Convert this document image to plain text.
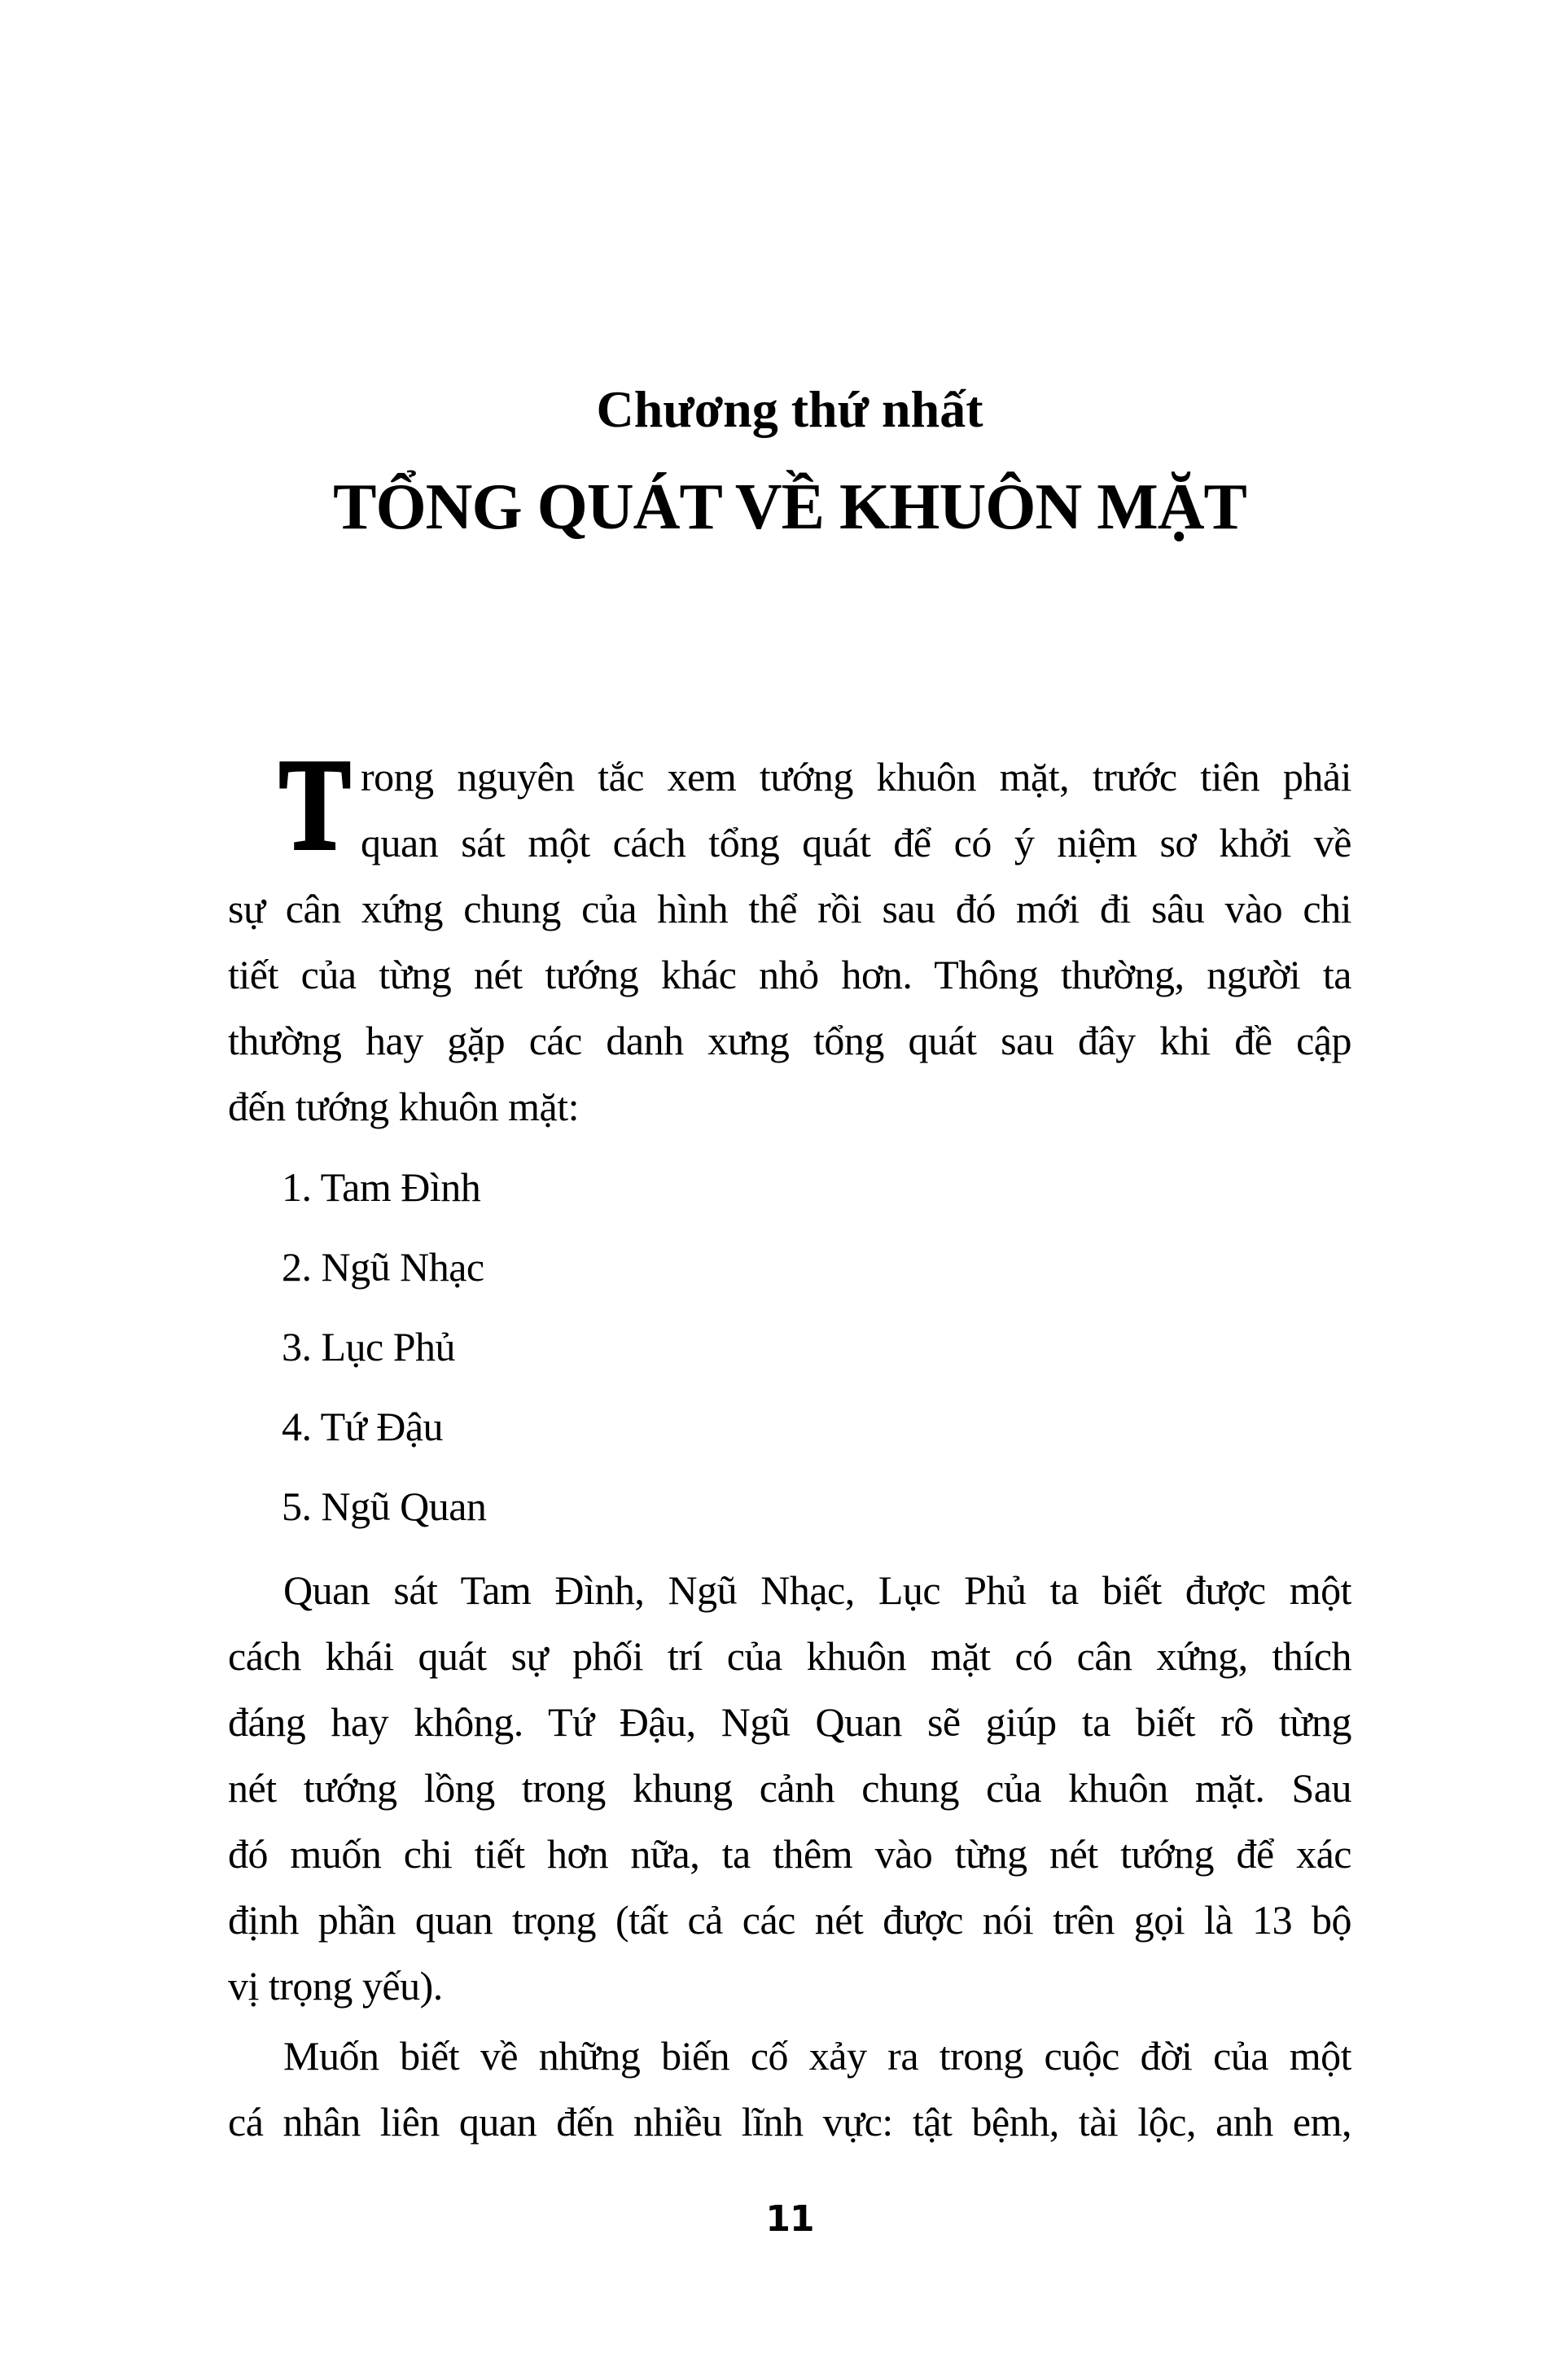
Chương thứ nhất
TỔNG QUÁT VỀ KHUÔN MẶT
T rong nguyên tắc xem tướng khuôn mặt, trước tiên phải
quan sát một cách tổng quát để có ý niệm sơ khởi về
sự cân xứng chung của hình thể rồi sau đó mới đi sâu vào chi
tiết của từng nét tướng khác nhỏ hơn. Thông thường, người ta
thường hay gặp các danh xưng tổng quát sau đây khi đề cập
đến tướng khuôn mặt:
1. Tam Đình
2. Ngũ Nhạc
3. Lục Phủ
4. Tứ Đậu
5. Ngũ Quan
Quan sát Tam Đình, Ngũ Nhạc, Lục Phủ ta biết được một
cách khái quát sự phối trí của khuôn mặt có cân xứng, thích
đáng hay không. Tứ Đậu, Ngũ Quan sẽ giúp ta biết rõ từng
nét tướng lồng trong khung cảnh chung của khuôn mặt. Sau
đó muốn chi tiết hơn nữa, ta thêm vào từng nét tướng để xác
định phần quan trọng (tất cả các nét được nói trên gọi là 13 bộ
vị trọng yếu).
Muốn biết về những biến cố xảy ra trong cuộc đời của một
cá nhân liên quan đến nhiều lĩnh vực: tật bệnh, tài lộc, anh em,
11
